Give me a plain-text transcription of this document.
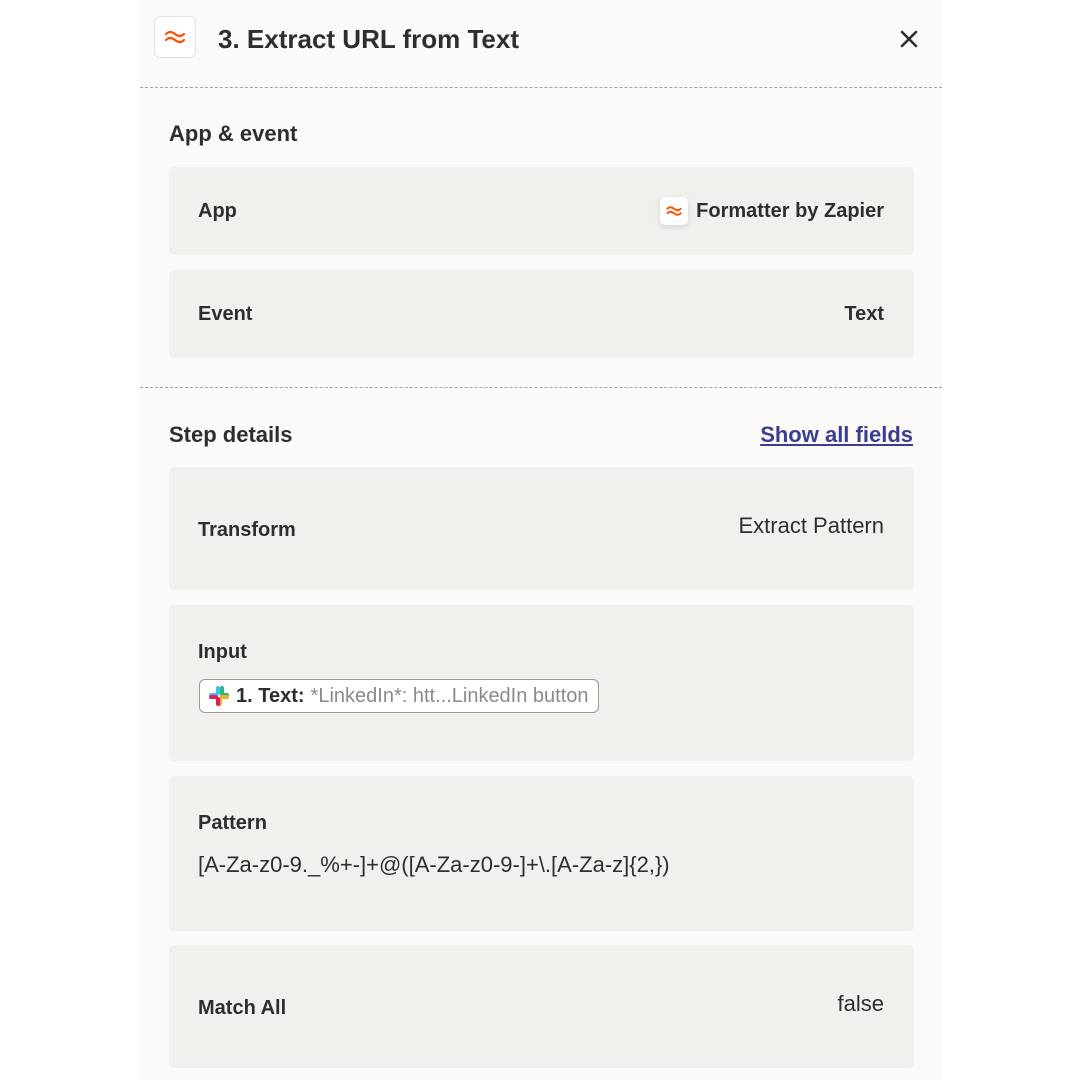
3. Extract URL from Text
App & event
App	Formatter by Zapier
Event	Text
Step details	Show all fields
Transform	Extract Pattern
Input
1. Text: *LinkedIn*: htt...LinkedIn button
Pattern
[A-Za-z0-9._%+-]+@([A-Za-z0-9-]+\.[A-Za-z]{2,})
Match All	false
